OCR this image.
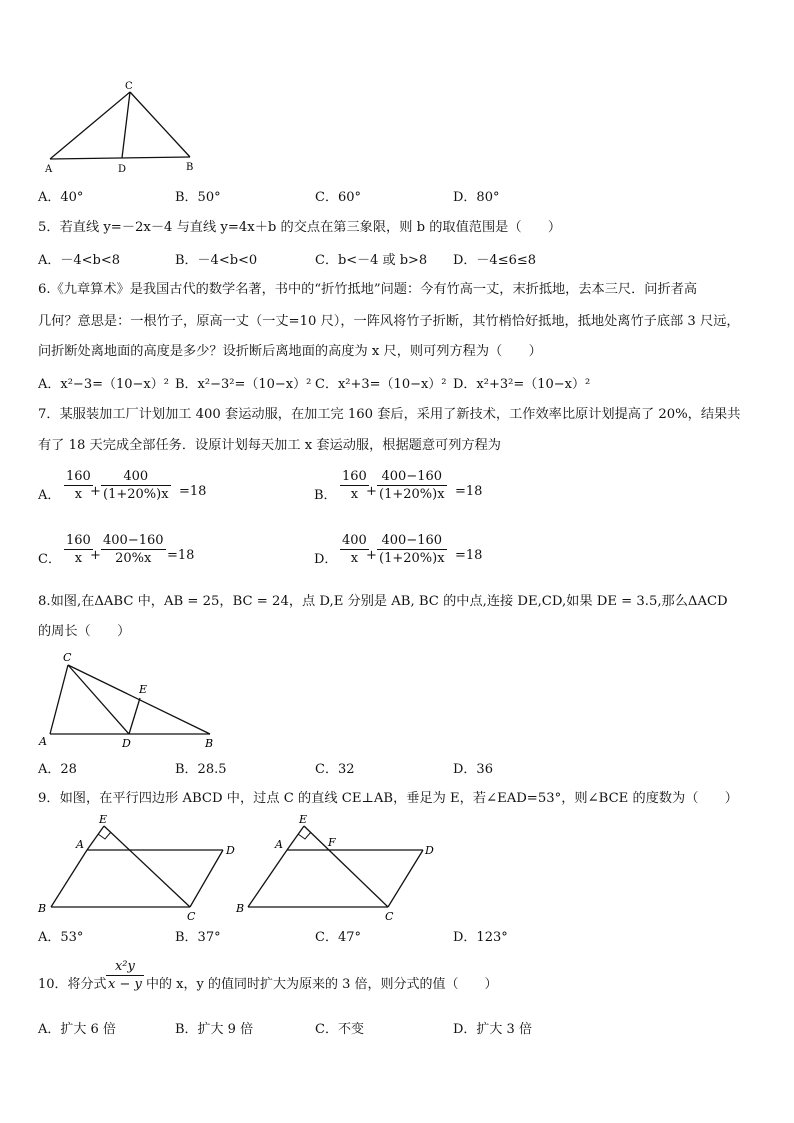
C
A	D	B
A．40°	B．50°	C．60°	D．80°
5．若直线 y=－2x－4 与直线 y=4x＋b 的交点在第三象限，则 b 的取值范围是（　　）
A．－4<b<8	B．－4<b<0	C．b<－4 或 b>8 D．－4≤6≤8
6.《九章算术》是我国古代的数学名著，书中的“折竹抵地”问题：今有竹高一丈，末折抵地，去本三尺．问折者高
几何？意思是：一根竹子，原高一丈（一丈=10 尺），一阵风将竹子折断，其竹梢恰好抵地，抵地处离竹子底部 3 尺远，
问折断处离地面的高度是多少？设折断后离地面的高度为 x 尺，则可列方程为（　　）
A．x²−3=（10−x）² B．x²−3²=（10−x）² C．x²+3=（10−x）² D．x²+3²=（10−x）²
7．某服装加工厂计划加工 400 套运动服，在加工完 160 套后，采用了新技术，工作效率比原计划提高了 20%，结果共
有了 18 天完成全部任务．设原计划每天加工 x 套运动服，根据题意可列方程为
A． $\frac{160}{x}$
+ $\frac{400}{(1+20\%)x} =18$	B． $\frac{160}{x}$
+ $\frac{400-160}{(1+20\%)x} =18$
C． $\frac{160}{x}$
+ $\frac{400-160}{20\%x} =18$	D． $\frac{400}{x}$
+ $\frac{400-160}{(1+20\%)x} =18$
8.如图,在ΔABC 中，AB = 25，BC = 24，点 D,E 分别是 AB, BC 的中点,连接 DE,CD,如果 DE = 3.5,那么ΔACD
的周长（　　）
C
E
A	D	B
A．28	B．28.5	C．32	D．36
9．如图，在平行四边形 ABCD 中，过点 C 的直线 CE⊥AB，垂足为 E，若∠EAD=53°，则∠BCE 的度数为（　　）
E
A	D
B
C
E
A	F
D
B
C
A．53°	B．37°	C．47°	D．123°
10．将分式 $\frac{\text{x²y}}{x - y}$ 中的 x，y 的值同时扩大为原来的 3 倍，则分式的值（　　）
A．扩大 6 倍	B．扩大 9 倍	C．不变	D．扩大 3 倍
